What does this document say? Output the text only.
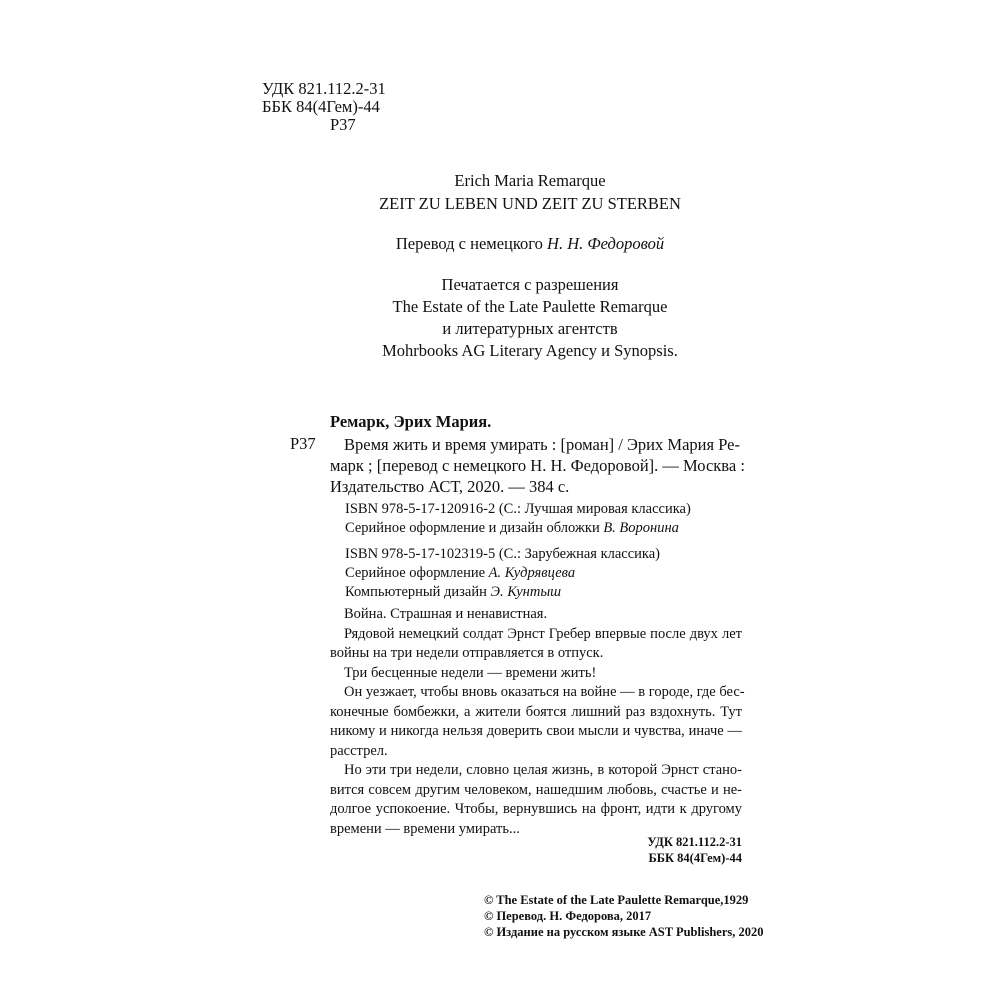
УДК 821.112.2-31
ББК 84(4Гем)-44
Р37
Erich Maria Remarque
ZEIT ZU LEBEN UND ZEIT ZU STERBEN
Перевод с немецкого Н. Н. Федоровой
Печатается с разрешения
The Estate of the Late Paulette Remarque
и литературных агентств
Mohrbooks AG Literary Agency и Synopsis.
Ремарк, Эрих Мария.
Р37	Время жить и время умирать : [роман] / Эрих Мария Ре-
марк ; [перевод с немецкого Н. Н. Федоровой]. — Москва :
Издательство АСТ, 2020. — 384 с.
ISBN 978-5-17-120916-2 (С.: Лучшая мировая классика)
Серийное оформление и дизайн обложки В. Воронина
ISBN 978-5-17-102319-5 (С.: Зарубежная классика)
Серийное оформление А. Кудрявцева
Компьютерный дизайн Э. Кунтыш
Война. Страшная и ненавистная.
Рядовой немецкий солдат Эрнст Гребер впервые после двух лет
войны на три недели отправляется в отпуск.
Три бесценные недели — времени жить!
Он уезжает, чтобы вновь оказаться на войне — в городе, где бес-
конечные бомбежки, а жители боятся лишний раз вздохнуть. Тут
никому и никогда нельзя доверить свои мысли и чувства, иначе —
расстрел.
Но эти три недели, словно целая жизнь, в которой Эрнст стано-
вится совсем другим человеком, нашедшим любовь, счастье и не-
долгое успокоение. Чтобы, вернувшись на фронт, идти к другому
времени — времени умирать...
УДК 821.112.2-31
ББК 84(4Гем)-44
© The Estate of the Late Paulette Remarque,1929
© Перевод. Н. Федорова, 2017
© Издание на русском языке AST Publishers, 2020
